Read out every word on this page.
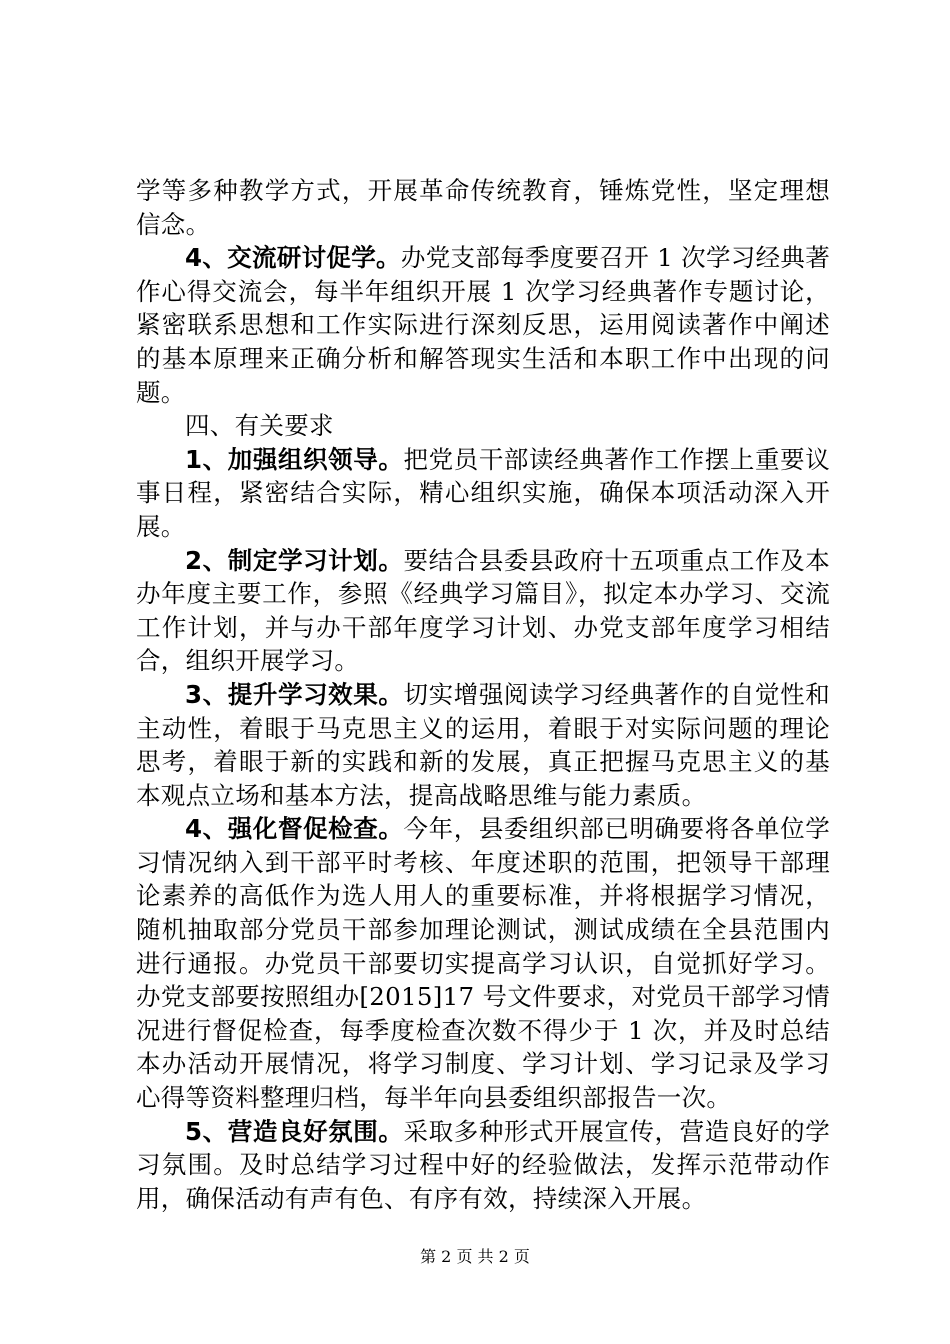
学等多种教学方式，开展革命传统教育，锤炼党性，坚定理想信念。

4、交流研讨促学。办党支部每季度要召开 1 次学习经典著作心得交流会，每半年组织开展 1 次学习经典著作专题讨论，紧密联系思想和工作实际进行深刻反思，运用阅读著作中阐述的基本原理来正确分析和解答现实生活和本职工作中出现的问题。

四、有关要求

1、加强组织领导。把党员干部读经典著作工作摆上重要议事日程，紧密结合实际，精心组织实施，确保本项活动深入开展。

2、制定学习计划。要结合县委县政府十五项重点工作及本办年度主要工作，参照《经典学习篇目》，拟定本办学习、交流工作计划，并与办干部年度学习计划、办党支部年度学习相结合，组织开展学习。

3、提升学习效果。切实增强阅读学习经典著作的自觉性和主动性，着眼于马克思主义的运用，着眼于对实际问题的理论思考，着眼于新的实践和新的发展，真正把握马克思主义的基本观点立场和基本方法，提高战略思维与能力素质。

4、强化督促检查。今年，县委组织部已明确要将各单位学习情况纳入到干部平时考核、年度述职的范围，把领导干部理论素养的高低作为选人用人的重要标准，并将根据学习情况，随机抽取部分党员干部参加理论测试，测试成绩在全县范围内进行通报。办党员干部要切实提高学习认识，自觉抓好学习。办党支部要按照组办[2015]17 号文件要求，对党员干部学习情况进行督促检查，每季度检查次数不得少于 1 次，并及时总结本办活动开展情况，将学习制度、学习计划、学习记录及学习心得等资料整理归档，每半年向县委组织部报告一次。

5、营造良好氛围。采取多种形式开展宣传，营造良好的学习氛围。及时总结学习过程中好的经验做法，发挥示范带动作用，确保活动有声有色、有序有效，持续深入开展。

第 2 页 共 2 页
